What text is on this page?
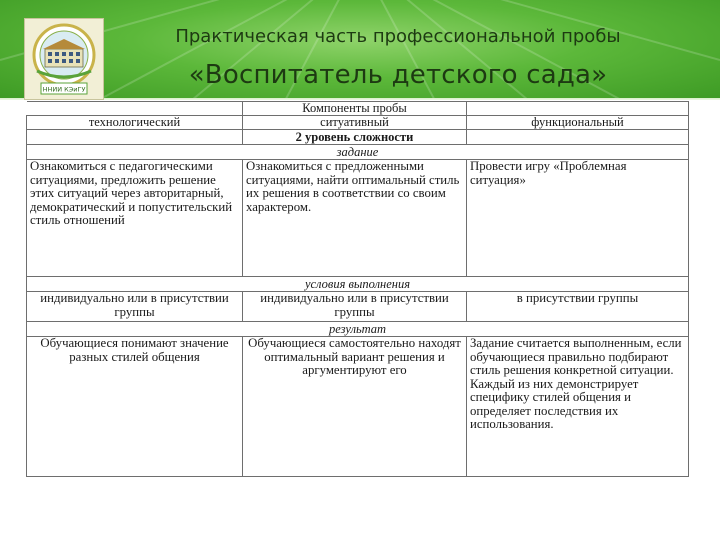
ННИИ КЭиГУ
Практическая часть профессиональной пробы
«Воспитатель детского сада»
	Компоненты пробы	
технологический	ситуативный	функциональный
	2 уровень сложности	
задание		
Ознакомиться с педагогическими ситуациями, предложить решение этих ситуаций через авторитарный, демократический и попустительский стиль отношений	Ознакомиться с предложенными ситуациями, найти оптимальный стиль их решения в соответствии со своим характером.	Провести игру «Проблемная ситуация»
условия выполнения		
индивидуально или в присутствии группы	индивидуально или в присутствии группы	в присутствии группы
результат		
Обучающиеся понимают значение разных стилей общения	Обучающиеся самостоятельно находят оптимальный вариант решения и аргументируют его	Задание считается выполненным, если обучающиеся правильно подбирают стиль решения конкретной ситуации. Каждый из них демонстрирует специфику стилей общения и определяет последствия их использования.
